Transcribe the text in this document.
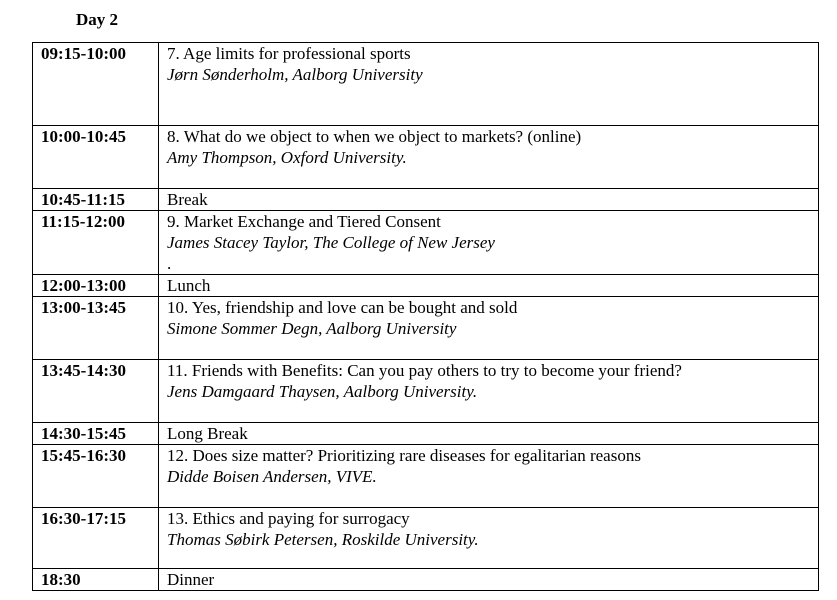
Day 2
09:15-10:00	7. Age limits for professional sports
Jørn Sønderholm, Aalborg University

10:00-10:45	8. What do we object to when we object to markets? (online)
Amy Thompson, Oxford University.

10:45-11:15	Break

11:15-12:00	9. Market Exchange and Tiered Consent
James Stacey Taylor, The College of New Jersey
.

12:00-13:00	Lunch

13:00-13:45	10. Yes, friendship and love can be bought and sold
Simone Sommer Degn, Aalborg University

13:45-14:30	11. Friends with Benefits: Can you pay others to try to become your friend?
Jens Damgaard Thaysen, Aalborg University.

14:30-15:45	Long Break

15:45-16:30	12. Does size matter? Prioritizing rare diseases for egalitarian reasons
Didde Boisen Andersen, VIVE.

16:30-17:15	13. Ethics and paying for surrogacy
Thomas Søbirk Petersen, Roskilde University.

18:30	Dinner
